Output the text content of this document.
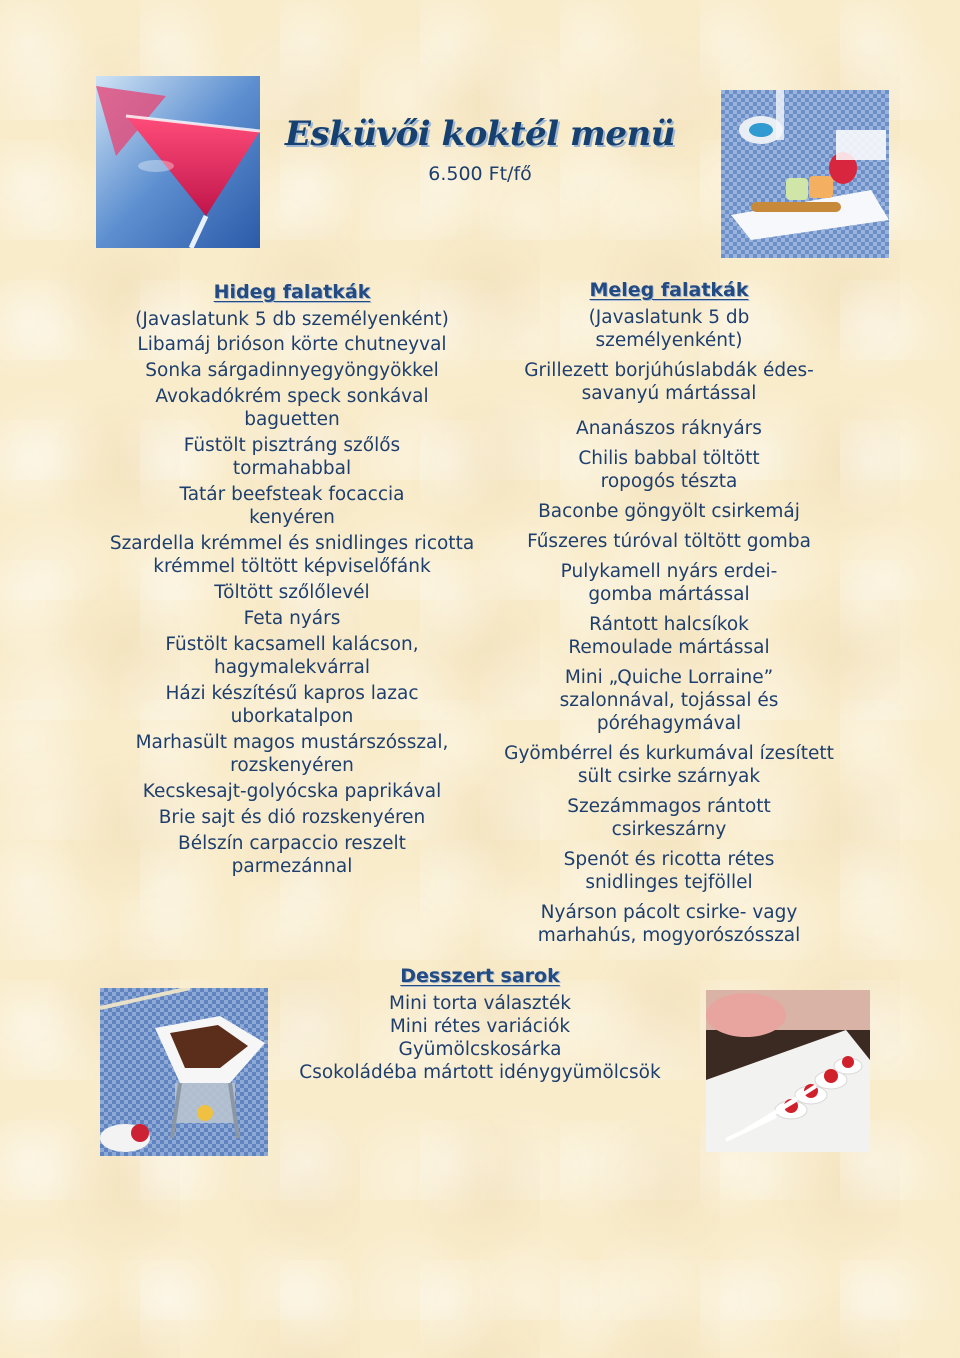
Esküvői koktél menü
6.500 Ft/fő
Hideg falatkák
(Javaslatunk 5 db személyenként)
Libamáj brióson körte chutneyval
Sonka sárgadinnyegyöngyökkel
Avokadókrém speck sonkával baguetten
Füstölt pisztráng szőlős tormahabbal
Tatár beefsteak focaccia kenyéren
Szardella krémmel és snidlinges ricotta krémmel töltött képviselőfánk
Töltött szőlőlevél
Feta nyárs
Füstölt kacsamell kalácson, hagymalekvárral
Házi készítésű kapros lazac uborkatalpon
Marhasült magos mustárszósszal, rozskenyéren
Kecskesajt-golyócska paprikával
Brie sajt és dió rozskenyéren
Bélszín carpaccio reszelt parmezánnal
Meleg falatkák
(Javaslatunk 5 db személyenként)
Grillezett borjúhúslabdák édes-savanyú mártással
Ananászos ráknyárs
Chilis babbal töltött ropogós tészta
Baconbe göngyölt csirkemáj
Fűszeres túróval töltött gomba
Pulykamell nyárs erdei-gomba mártással
Rántott halcsíkok Remoulade mártással
Mini „Quiche Lorraine” szalonnával, tojással és póréhagymával
Gyömbérrel és kurkumával ízesített sült csirke szárnyak
Szezámmagos rántott csirkeszárny
Spenót és ricotta rétes snidlinges tejföllel
Nyárson pácolt csirke- vagy marhahús, mogyorószósszal
Desszert sarok
Mini torta választék
Mini rétes variációk
Gyümölcskosárka
Csokoládéba mártott idénygyümölcsök
